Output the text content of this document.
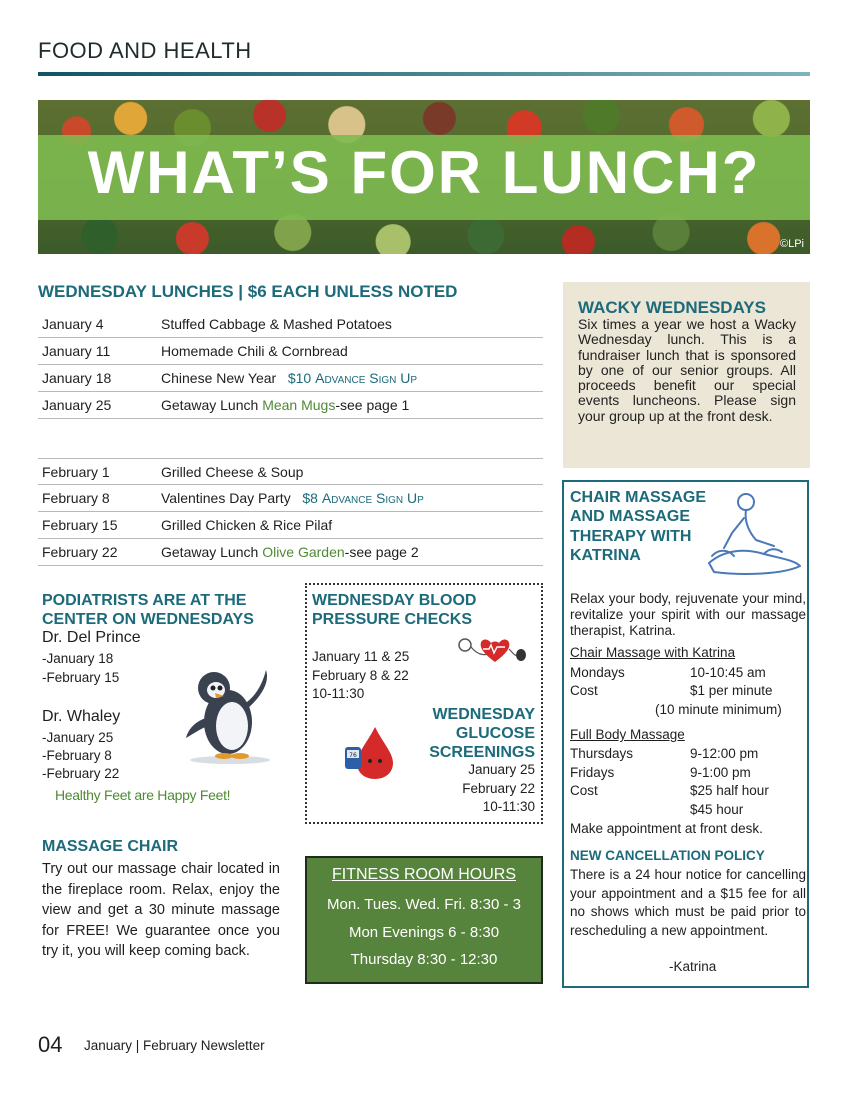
FOOD AND HEALTH
WHAT’S FOR LUNCH?
©LPi
WEDNESDAY LUNCHES | $6 EACH UNLESS NOTED
January 4	Stuffed Cabbage & Mashed Potatoes
January 11	Homemade Chili & Cornbread
January 18	Chinese New Year $10 Advance Sign Up
January 25	Getaway Lunch Mean Mugs-see page 1
February 1	Grilled Cheese & Soup
February 8	Valentines Day Party $8 Advance Sign Up
February 15	Grilled Chicken & Rice Pilaf
February 22	Getaway Lunch Olive Garden-see page 2
WACKY WEDNESDAYS

Six times a year we host a Wacky Wednesday lunch. This is a fundraiser lunch that is sponsored by one of our senior groups. All proceeds benefit our special events luncheons. Please sign your group up at the front desk.

CHAIR MASSAGE AND MASSAGE THERAPY WITH KATRINA
Relax your body, rejuvenate your mind, revitalize your spirit with our massage therapist, Katrina.
Chair Massage with Katrina
Mondays	10-10:45 am
Cost	$1 per minute
(10 minute minimum)
Full Body Massage
Thursdays	9-12:00 pm
Fridays	9-1:00 pm
Cost	$25 half hour
$45 hour
Make appointment at front desk.
NEW CANCELLATION POLICY
There is a 24 hour notice for cancelling your appointment and a $15 fee for all no shows which must be paid prior to rescheduling a new appointment.
-Katrina
PODIATRISTS ARE AT THE CENTER ON WEDNESDAYS
Dr. Del Prince
-January 18
-February 15
Dr. Whaley
-January 25
-February 8
-February 22
Healthy Feet are Happy Feet!
WEDNESDAY BLOOD PRESSURE CHECKS
January 11 & 25
February 8 & 22
10-11:30
WEDNESDAY GLUCOSE SCREENINGS
January 25
February 22
10-11:30
76
MASSAGE CHAIR
Try out our massage chair located in the fireplace room. Relax, enjoy the view and get a 30 minute massage for FREE! We guarantee once you try it, you will keep coming back.
FITNESS ROOM HOURS
Mon. Tues. Wed. Fri. 8:30 - 3
Mon Evenings 6 - 8:30
Thursday 8:30 - 12:30
04 January | February Newsletter
